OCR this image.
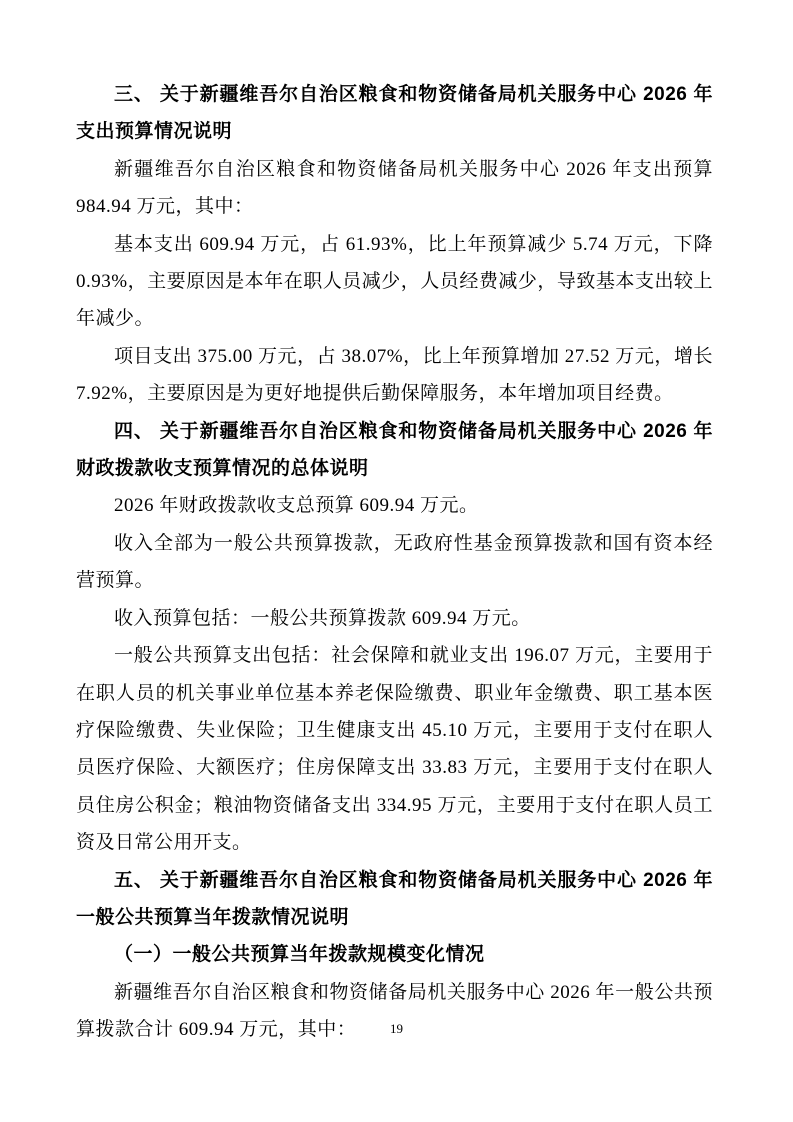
三、 关于新疆维吾尔自治区粮食和物资储备局机关服务中心 2026 年支出预算情况说明

新疆维吾尔自治区粮食和物资储备局机关服务中心 2026 年支出预算 984.94 万元，其中：

基本支出 609.94 万元，占 61.93%，比上年预算减少 5.74 万元，下降 0.93%，主要原因是本年在职人员减少，人员经费减少，导致基本支出较上年减少。

项目支出 375.00 万元，占 38.07%，比上年预算增加 27.52 万元，增长 7.92%，主要原因是为更好地提供后勤保障服务，本年增加项目经费。

四、 关于新疆维吾尔自治区粮食和物资储备局机关服务中心 2026 年财政拨款收支预算情况的总体说明

2026 年财政拨款收支总预算 609.94 万元。

收入全部为一般公共预算拨款，无政府性基金预算拨款和国有资本经营预算。

收入预算包括：一般公共预算拨款 609.94 万元。

一般公共预算支出包括：社会保障和就业支出 196.07 万元，主要用于在职人员的机关事业单位基本养老保险缴费、职业年金缴费、职工基本医疗保险缴费、失业保险；卫生健康支出 45.10 万元，主要用于支付在职人员医疗保险、大额医疗；住房保障支出 33.83 万元，主要用于支付在职人员住房公积金；粮油物资储备支出 334.95 万元，主要用于支付在职人员工资及日常公用开支。

五、 关于新疆维吾尔自治区粮食和物资储备局机关服务中心 2026 年一般公共预算当年拨款情况说明

（一）一般公共预算当年拨款规模变化情况

新疆维吾尔自治区粮食和物资储备局机关服务中心 2026 年一般公共预算拨款合计 609.94 万元，其中：	19
